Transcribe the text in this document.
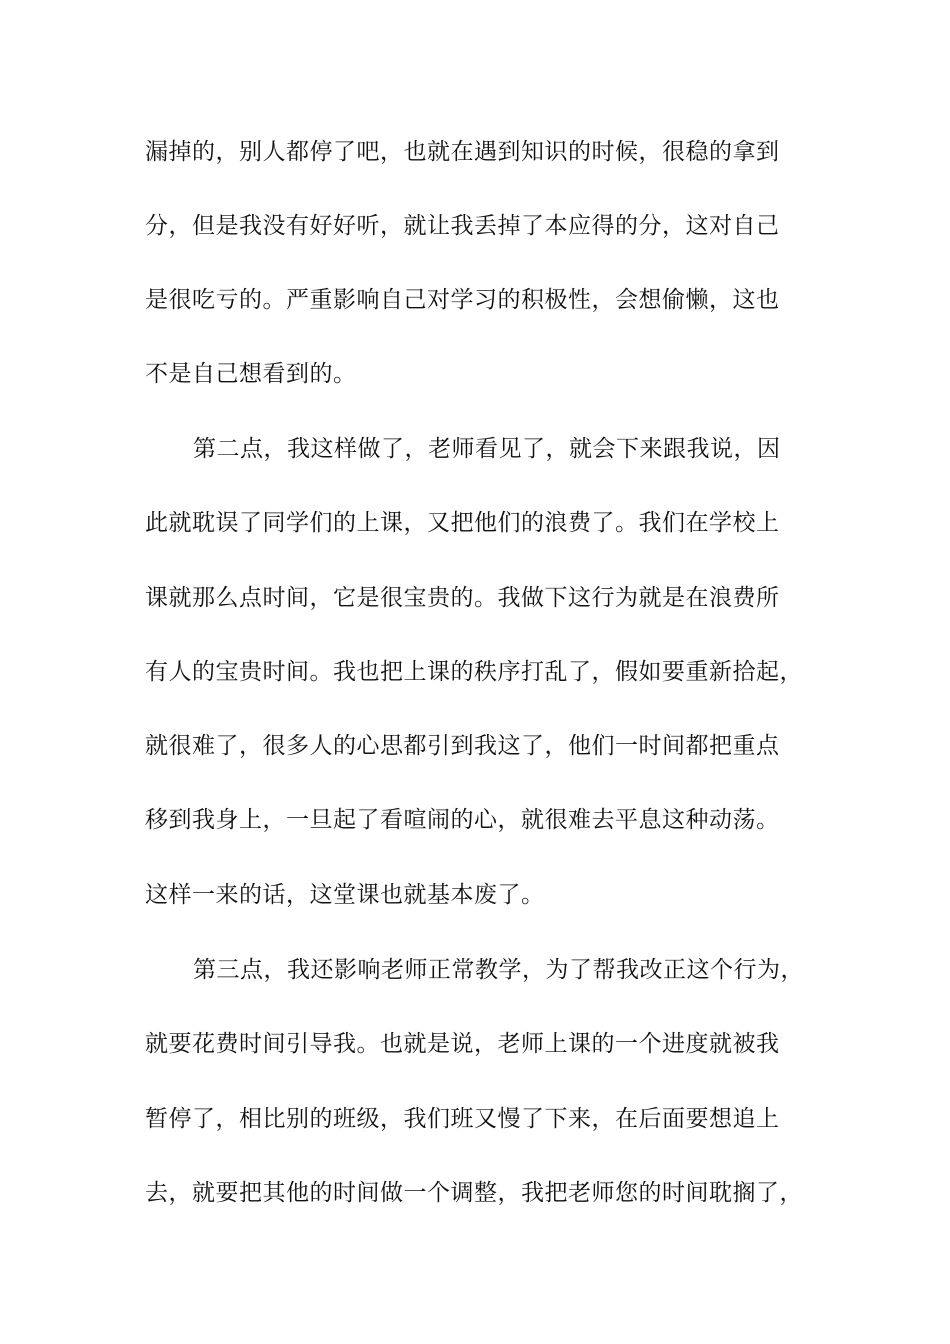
漏掉的，别人都停了吧，也就在遇到知识的时候，很稳的拿到
分，但是我没有好好听，就让我丢掉了本应得的分，这对自己
是很吃亏的。严重影响自己对学习的积极性，会想偷懒，这也
不是自己想看到的。
第二点，我这样做了，老师看见了，就会下来跟我说，因
此就耽误了同学们的上课，又把他们的浪费了。我们在学校上
课就那么点时间，它是很宝贵的。我做下这行为就是在浪费所
有人的宝贵时间。我也把上课的秩序打乱了，假如要重新拾起，
就很难了，很多人的心思都引到我这了，他们一时间都把重点
移到我身上，一旦起了看喧闹的心，就很难去平息这种动荡。
这样一来的话，这堂课也就基本废了。
第三点，我还影响老师正常教学，为了帮我改正这个行为，
就要花费时间引导我。也就是说，老师上课的一个进度就被我
暂停了，相比别的班级，我们班又慢了下来，在后面要想追上
去，就要把其他的时间做一个调整，我把老师您的时间耽搁了，
